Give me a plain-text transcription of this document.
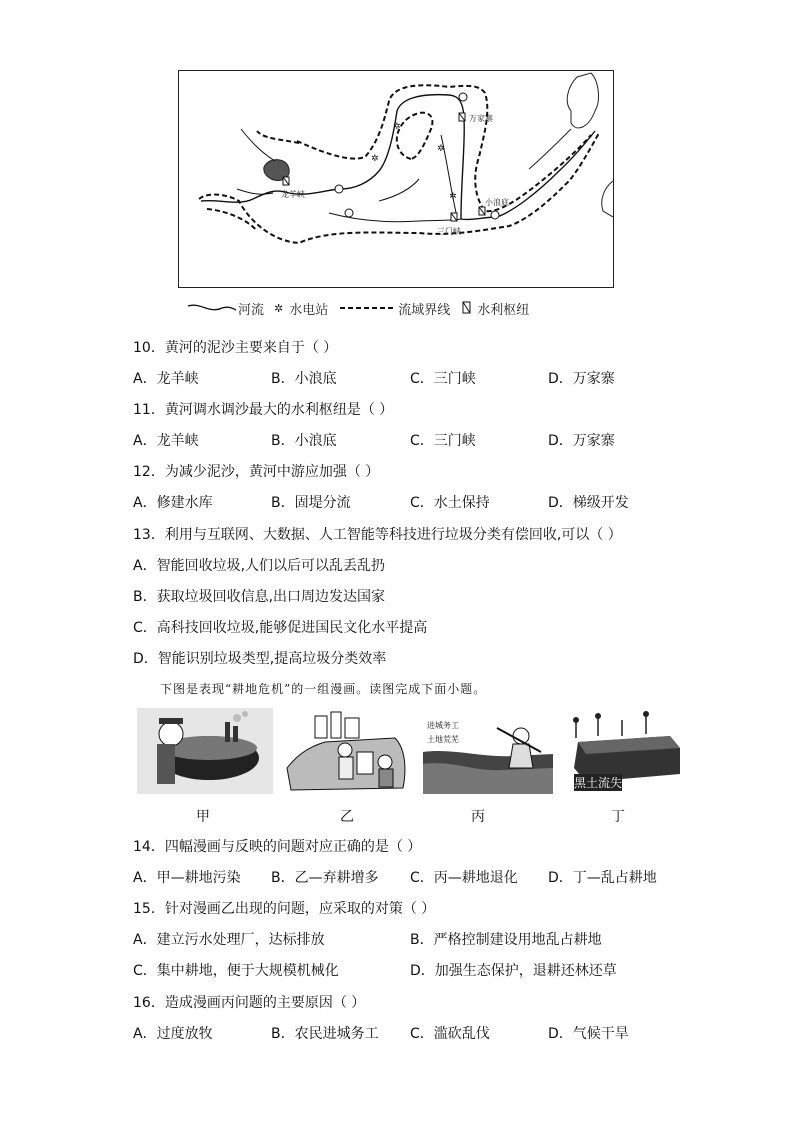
✲
✲
✲
✲
龙羊峡
万家寨
小浪底
三门峡
河流 ✲ 水电站	流域界线 水利枢纽
10．黄河的泥沙主要来自于（ ）
A．龙羊峡	B．小浪底	C．三门峡	D．万家寨
11．黄河调水调沙最大的水利枢纽是（ ）
A．龙羊峡	B．小浪底	C．三门峡	D．万家寨
12．为减少泥沙，黄河中游应加强（ ）
A．修建水库	B．固堤分流	C．水土保持	D．梯级开发
13．利用与互联网、大数据、人工智能等科技进行垃圾分类有偿回收,可以（ ）
A．智能回收垃圾,人们以后可以乱丢乱扔
B．获取垃圾回收信息,出口周边发达国家
C．高科技回收垃圾,能够促进国民文化水平提高
D．智能识别垃圾类型,提高垃圾分类效率
下图是表现“耕地危机”的一组漫画。读图完成下面小题。
进城务工
土地荒芜
黑土流失
甲	乙	丙	丁
14．四幅漫画与反映的问题对应正确的是（ ）
A．甲—耕地污染 B．乙—弃耕增多 C．丙—耕地退化 D．丁—乱占耕地
15．针对漫画乙出现的问题，应采取的对策（ ）
A．建立污水处理厂，达标排放	B．严格控制建设用地乱占耕地
C．集中耕地，便于大规模机械化	D．加强生态保护，退耕还林还草
16．造成漫画丙问题的主要原因（ ）
A．过度放牧	B．农民进城务工 C．滥砍乱伐	D．气候干旱
